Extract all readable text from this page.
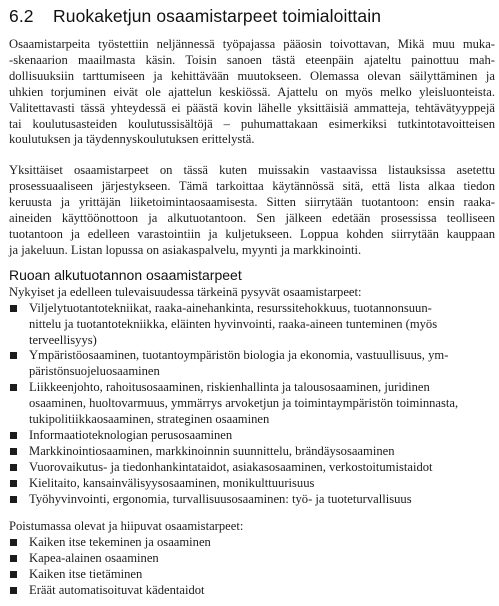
6.2	Ruokaketjun osaamistarpeet toimialoittain

Osaamistarpeita työstettiin neljännessä työpajassa pääosin toivottavan, Mikä muu muka-
-skenaarion maailmasta käsin. Toisin sanoen tästä eteenpäin ajateltu painottuu mah-
dollisuuksiin tarttumiseen ja kehittävään muutokseen. Olemassa olevan säilyttäminen ja
uhkien torjuminen eivät ole ajattelun keskiössä. Ajattelu on myös melko yleisluonteista.
Valitettavasti tässä yhteydessä ei päästä kovin lähelle yksittäisiä ammatteja, tehtävätyyppejä
tai koulutusasteiden koulutussisältöjä – puhumattakaan esimerkiksi tutkintotavoitteisen
koulutuksen ja täydennyskoulutuksen erittelystä.

Yksittäiset osaamistarpeet on tässä kuten muissakin vastaavissa listauksissa asetettu
prosessuaaliseen järjestykseen. Tämä tarkoittaa käytännössä sitä, että lista alkaa tiedon
keruusta ja yrittäjän liiketoimintaosaamisesta. Sitten siirrytään tuotantoon: ensin raaka-
aineiden käyttöönottoon ja alkutuotantoon. Sen jälkeen edetään prosessissa teolliseen
tuotantoon ja edelleen varastointiin ja kuljetukseen. Loppua kohden siirrytään kauppaan
ja jakeluun. Listan lopussa on asiakaspalvelu, myynti ja markkinointi.

Ruoan alkutuotannon osaamistarpeet

Nykyiset ja edelleen tulevaisuudessa tärkeinä pysyvät osaamistarpeet:

Viljelytuotantotekniikat, raaka-ainehankinta, resurssitehokkuus, tuotannonsuun-
nittelu ja tuotantotekniikka, eläinten hyvinvointi, raaka-aineen tunteminen (myös
terveellisyys)
Ympäristöosaaminen, tuotantoympäristön biologia ja ekonomia, vastuullisuus, ym-
päristönsuojeluosaaminen
Liikkeenjohto, rahoitusosaaminen, riskienhallinta ja talousosaaminen, juridinen
osaaminen, huoltovarmuus, ymmärrys arvoketjun ja toimintaympäristön toiminnasta,
tukipolitiikkaosaaminen, strateginen osaaminen
Informaatioteknologian perusosaaminen
Markkinointiosaaminen, markkinoinnin suunnittelu, brändäysosaaminen
Vuorovaikutus- ja tiedonhankintataidot, asiakasosaaminen, verkostoitumistaidot
Kielitaito, kansainvälisyysosaaminen, monikulttuurisuus
Työhyvinvointi, ergonomia, turvallisuusosaaminen: työ- ja tuoteturvallisuus

Poistumassa olevat ja hiipuvat osaamistarpeet:

Kaiken itse tekeminen ja osaaminen
Kapea-alainen osaaminen
Kaiken itse tietäminen
Eräät automatisoituvat kädentaidot
